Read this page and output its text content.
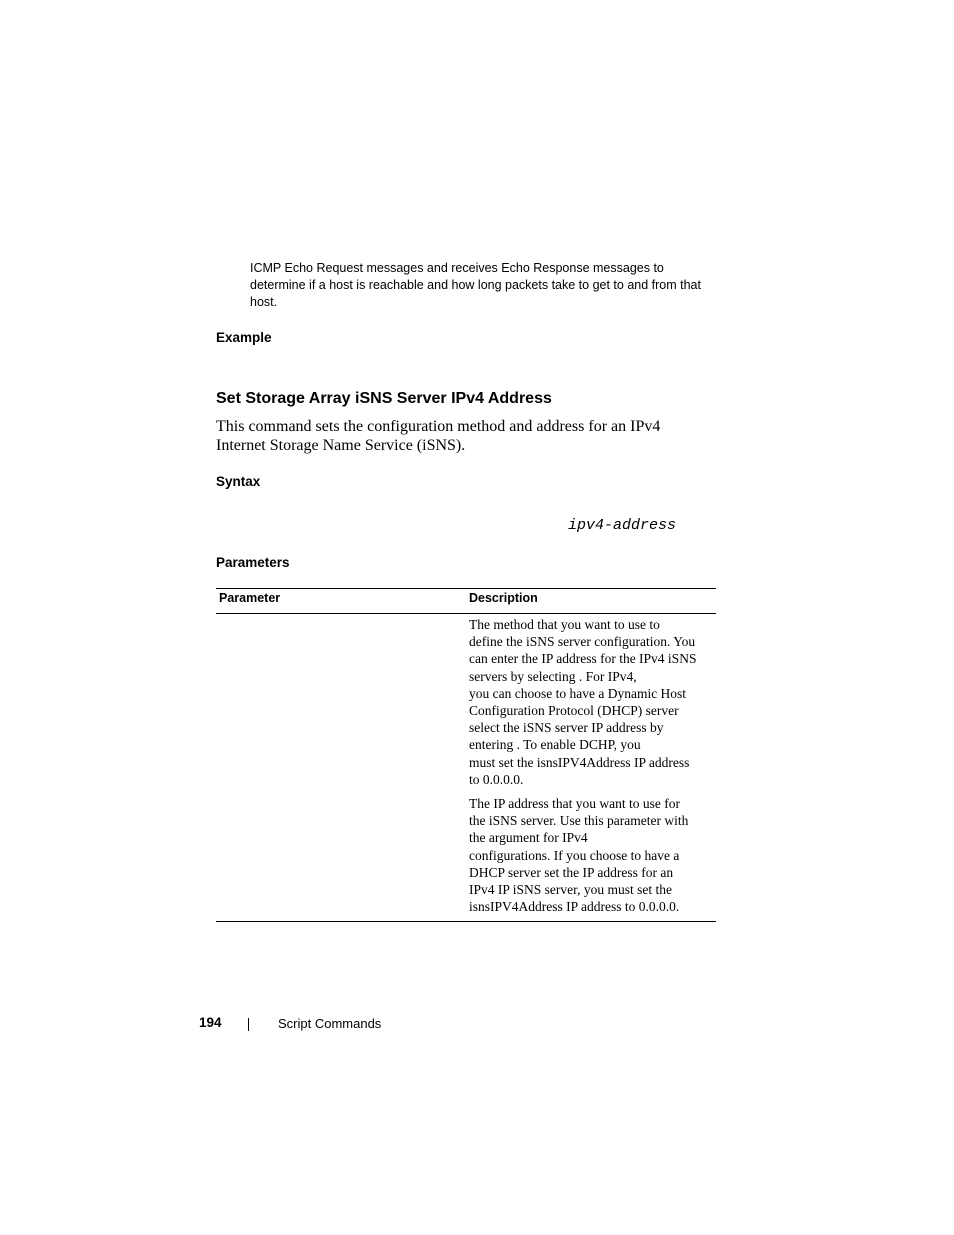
ICMP Echo Request messages and receives Echo Response messages to
determine if a host is reachable and how long packets take to get to and from that
host.
Example
Set Storage Array iSNS Server IPv4 Address
This command sets the configuration method and address for an IPv4
Internet Storage Name Service (iSNS).
Syntax
ipv4-address
Parameters
Parameter	Description
The method that you want to use to
define the iSNS server configuration. You
can enter the IP address for the IPv4 iSNS
servers by selecting . For IPv4,
you can choose to have a Dynamic Host
Configuration Protocol (DHCP) server
select the iSNS server IP address by
entering . To enable DCHP, you
must set the isnsIPV4Address IP address
to 0.0.0.0.
The IP address that you want to use for
the iSNS server. Use this parameter with
the argument for IPv4
configurations. If you choose to have a
DHCP server set the IP address for an
IPv4 IP iSNS server, you must set the
isnsIPV4Address IP address to 0.0.0.0.
194	Script Commands
